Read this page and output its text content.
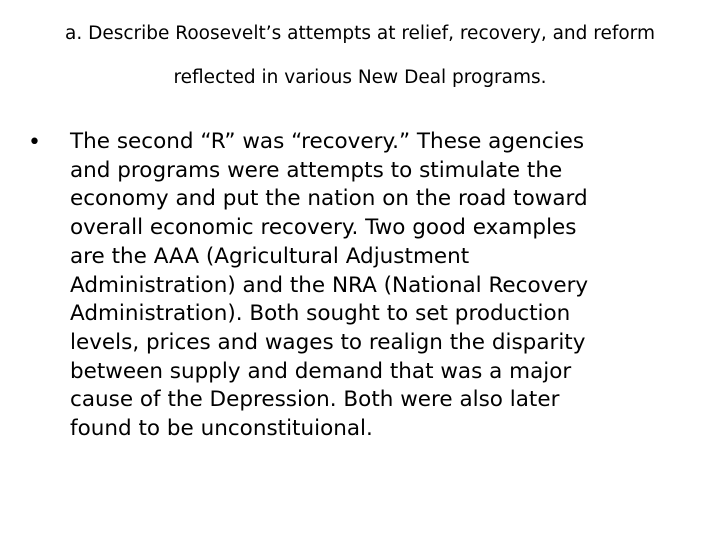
a. Describe Roosevelt’s attempts at relief, recovery, and reform
reflected in various New Deal programs.
• The second “R” was “recovery.” These agencies
and programs were attempts to stimulate the
economy and put the nation on the road toward
overall economic recovery. Two good examples
are the AAA (Agricultural Adjustment
Administration) and the NRA (National Recovery
Administration). Both sought to set production
levels, prices and wages to realign the disparity
between supply and demand that was a major
cause of the Depression. Both were also later
found to be unconstituional.
